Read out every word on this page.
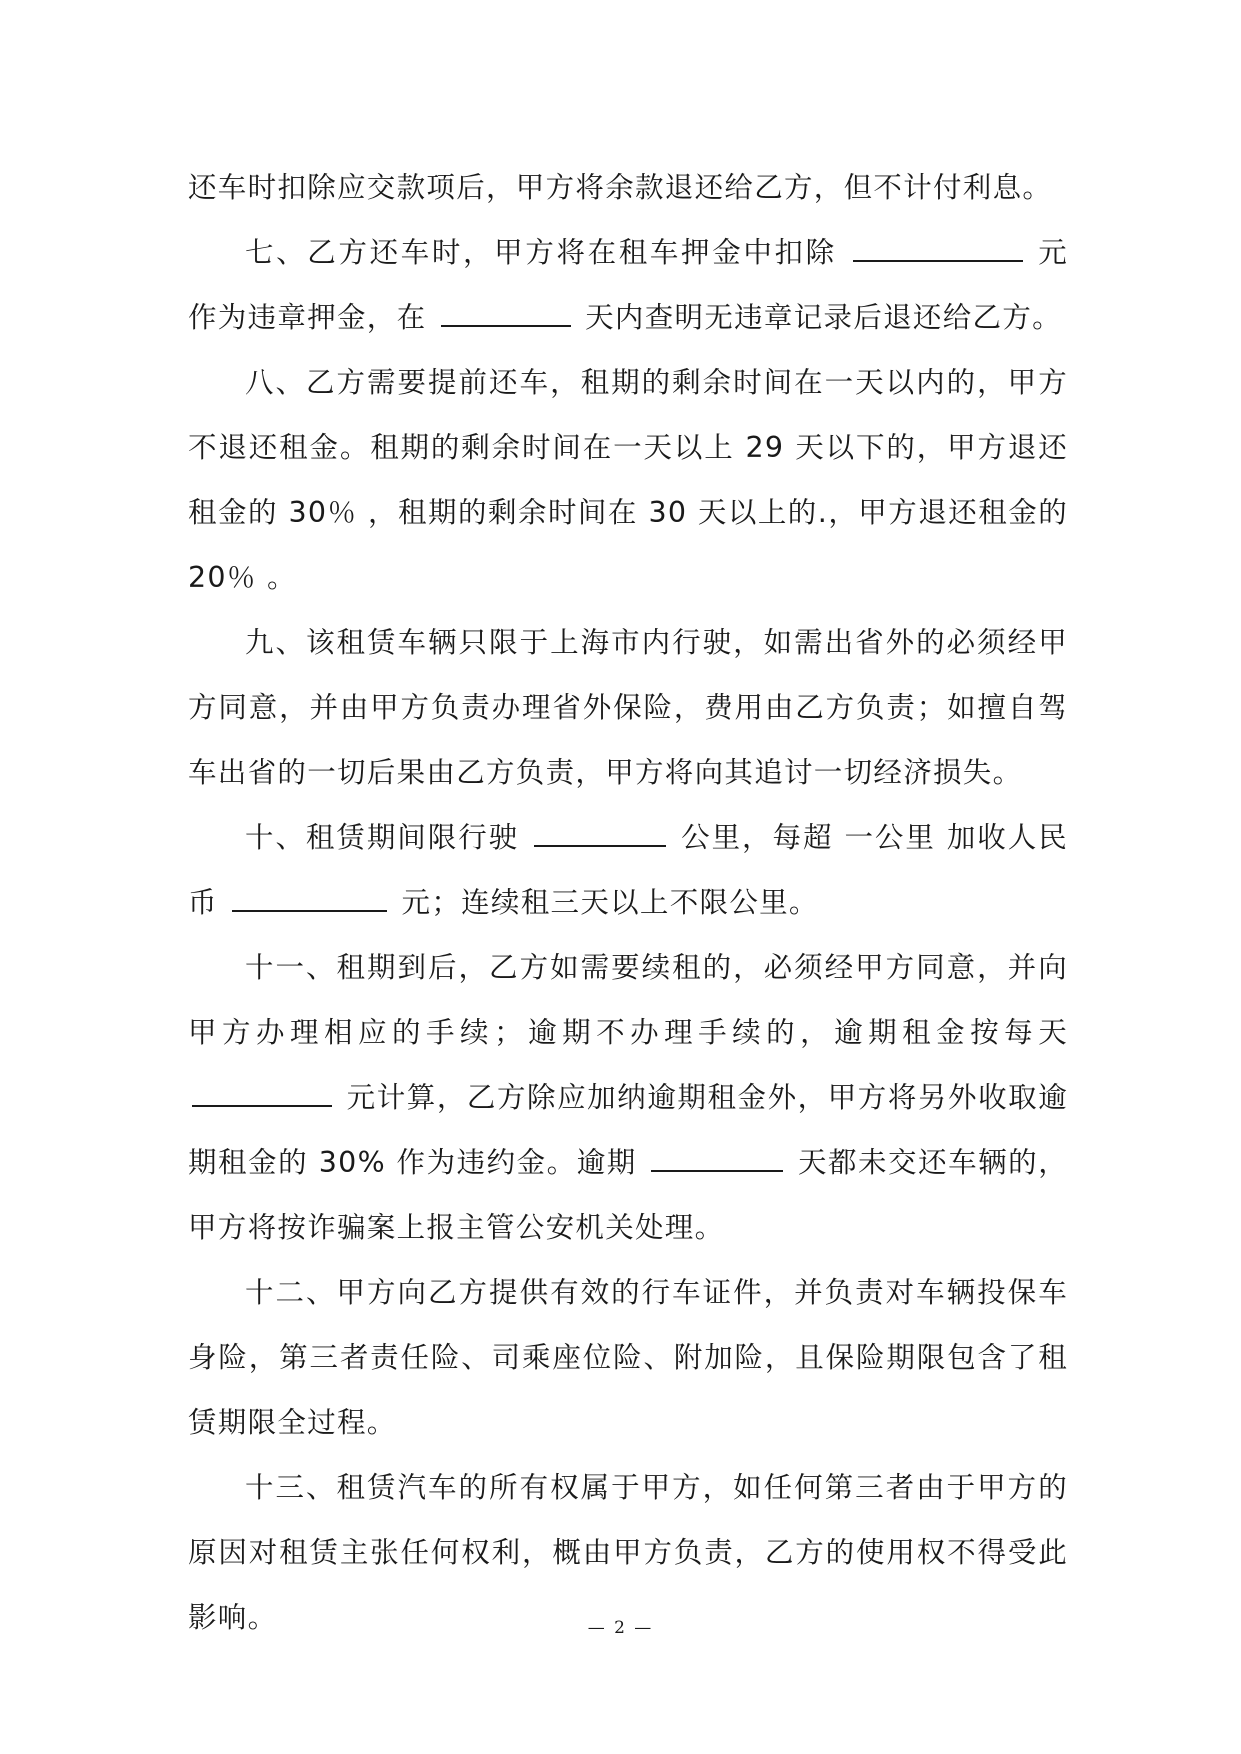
还车时扣除应交款项后，甲方将余款退还给乙方，但不计付利息。

七、乙方还车时，甲方将在租车押金中扣除	元作为违章押金，在	天内查明无违章记录后退还给乙方。

八、乙方需要提前还车，租期的剩余时间在一天以内的，甲方不退还租金。租期的剩余时间在一天以上 29 天以下的，甲方退还租金的 30％ ，租期的剩余时间在 30 天以上的.，甲方退还租金的 20％ 。

九、该租赁车辆只限于上海市内行驶，如需出省外的必须经甲方同意，并由甲方负责办理省外保险，费用由乙方负责；如擅自驾车出省的一切后果由乙方负责，甲方将向其追讨一切经济损失。

十、租赁期间限行驶	公里，每超 一公里 加收人民币	元；连续租三天以上不限公里。

十一、租期到后，乙方如需要续租的，必须经甲方同意，并向甲方办理相应的手续；逾期不办理手续的，逾期租金按每天  元计算，乙方除应加纳逾期租金外，甲方将另外收取逾期租金的 30% 作为违约金。逾期	天都未交还车辆的，甲方将按诈骗案上报主管公安机关处理。

十二、甲方向乙方提供有效的行车证件，并负责对车辆投保车身险，第三者责任险、司乘座位险、附加险，且保险期限包含了租赁期限全过程。

十三、租赁汽车的所有权属于甲方，如任何第三者由于甲方的原因对租赁主张任何权利，概由甲方负责，乙方的使用权不得受此影响。	— 2 —
